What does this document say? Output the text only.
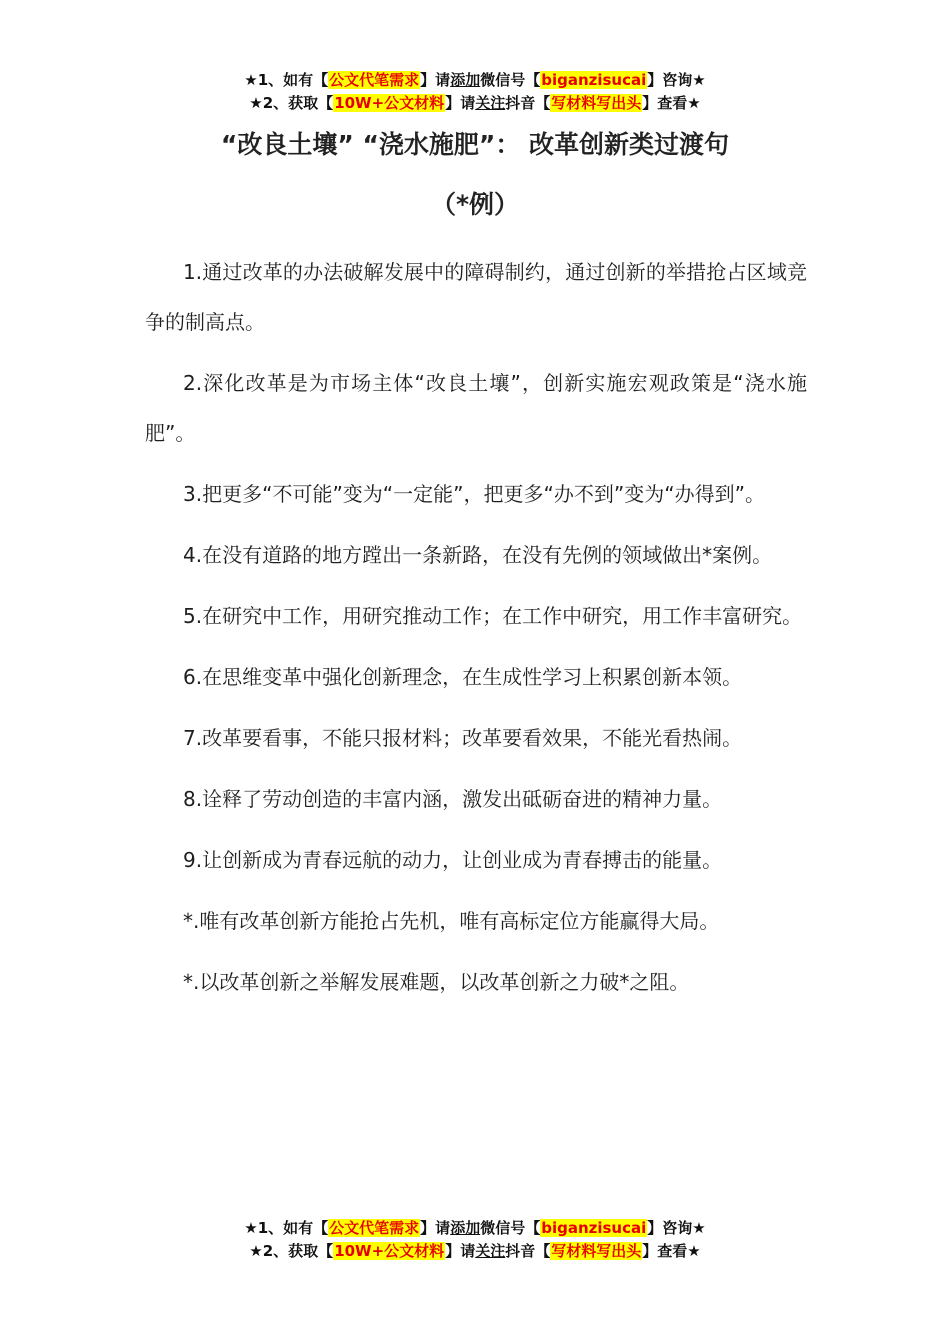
★1、如有【公文代笔需求】请添加微信号【biganzisucai】咨询★
★2、获取【10W+公文材料】请关注抖音【写材料写出头】查看★
“改良土壤” “浇水施肥”： 改革创新类过渡句
（*例）

1.通过改革的办法破解发展中的障碍制约，通过创新的举措抢占区域竞争的制高点。

2.深化改革是为市场主体“改良土壤”，创新实施宏观政策是“浇水施肥”。

3.把更多“不可能”变为“一定能”，把更多“办不到”变为“办得到”。

4.在没有道路的地方蹚出一条新路，在没有先例的领域做出*案例。

5.在研究中工作，用研究推动工作；在工作中研究，用工作丰富研究。

6.在思维变革中强化创新理念，在生成性学习上积累创新本领。

7.改革要看事，不能只报材料；改革要看效果，不能光看热闹。

8.诠释了劳动创造的丰富内涵，激发出砥砺奋进的精神力量。

9.让创新成为青春远航的动力，让创业成为青春搏击的能量。

*.唯有改革创新方能抢占先机，唯有高标定位方能赢得大局。

*.以改革创新之举解发展难题，以改革创新之力破*之阻。

★1、如有【公文代笔需求】请添加微信号【biganzisucai】咨询★
★2、获取【10W+公文材料】请关注抖音【写材料写出头】查看★
